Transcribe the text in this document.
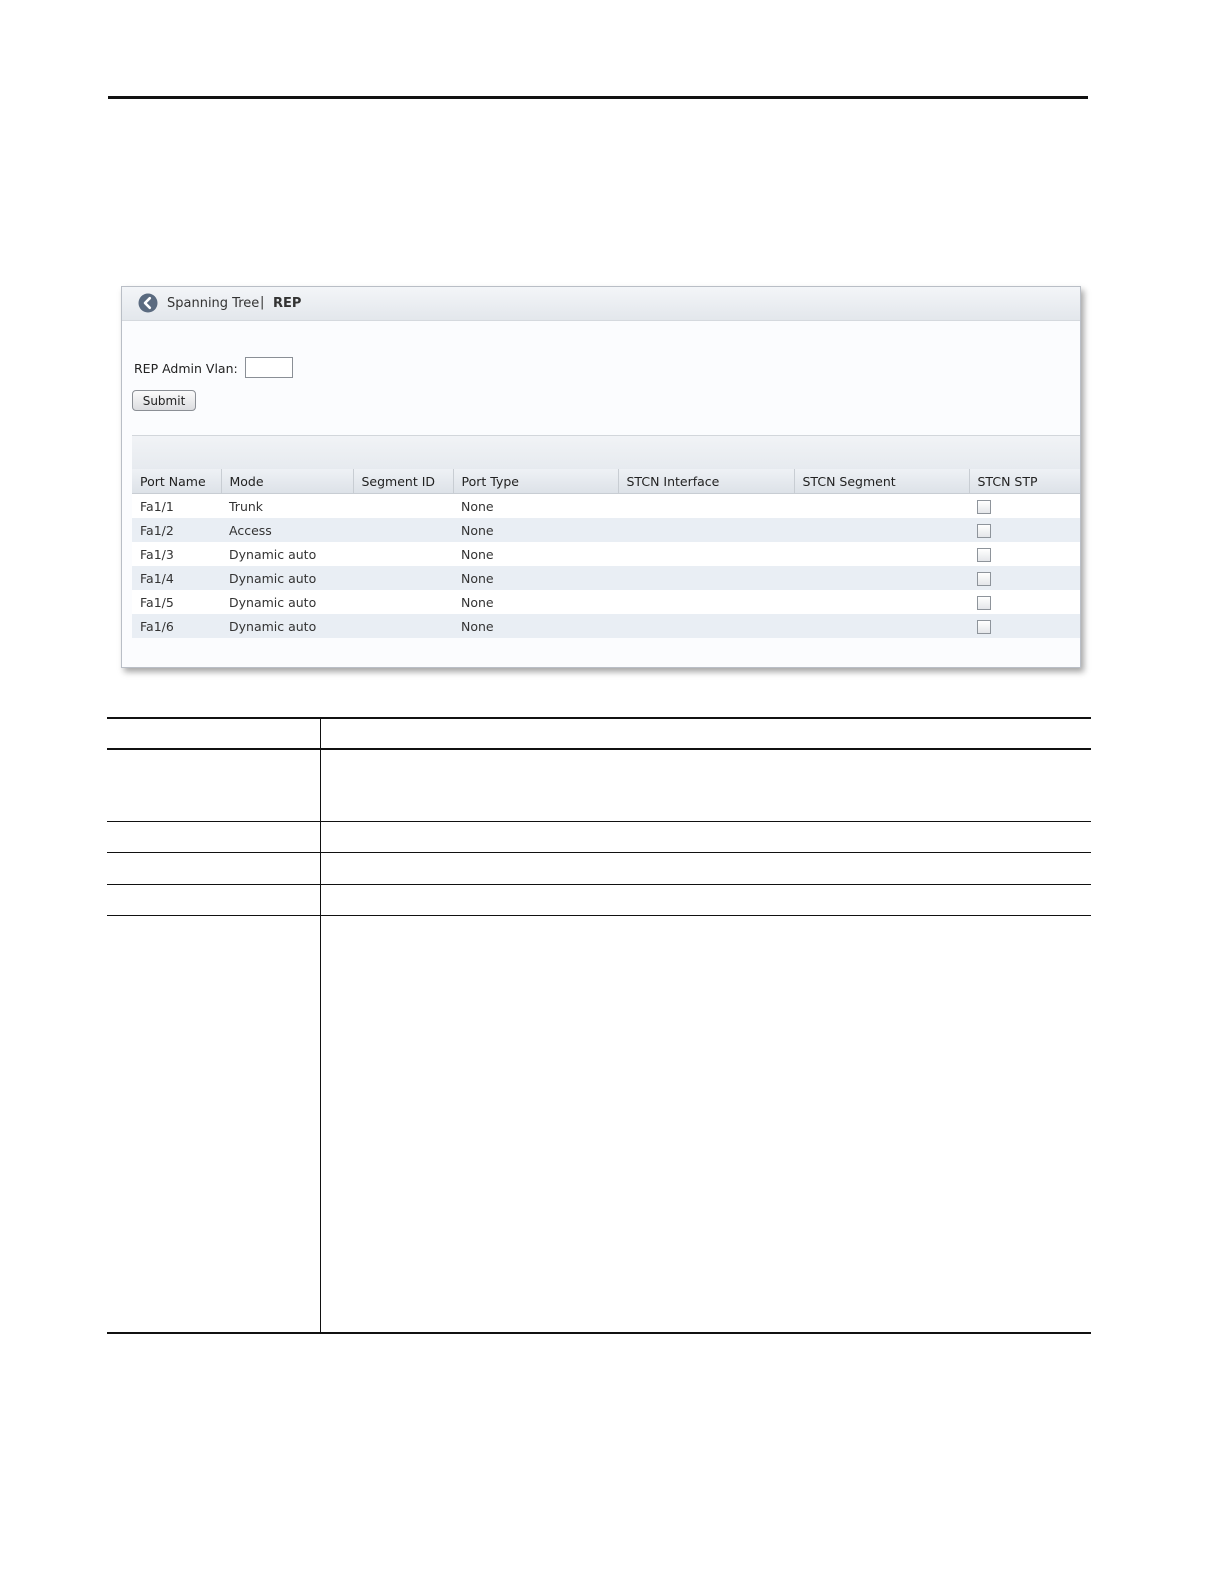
Spanning Tree | REP
REP Admin Vlan:
Submit
Port Name	Mode	Segment ID	Port Type	STCN Interface	STCN Segment	STCN STP
Fa1/1	Trunk		None			
Fa1/2	Access		None			
Fa1/3	Dynamic auto		None			
Fa1/4	Dynamic auto		None			
Fa1/5	Dynamic auto		None			
Fa1/6	Dynamic auto		None			
